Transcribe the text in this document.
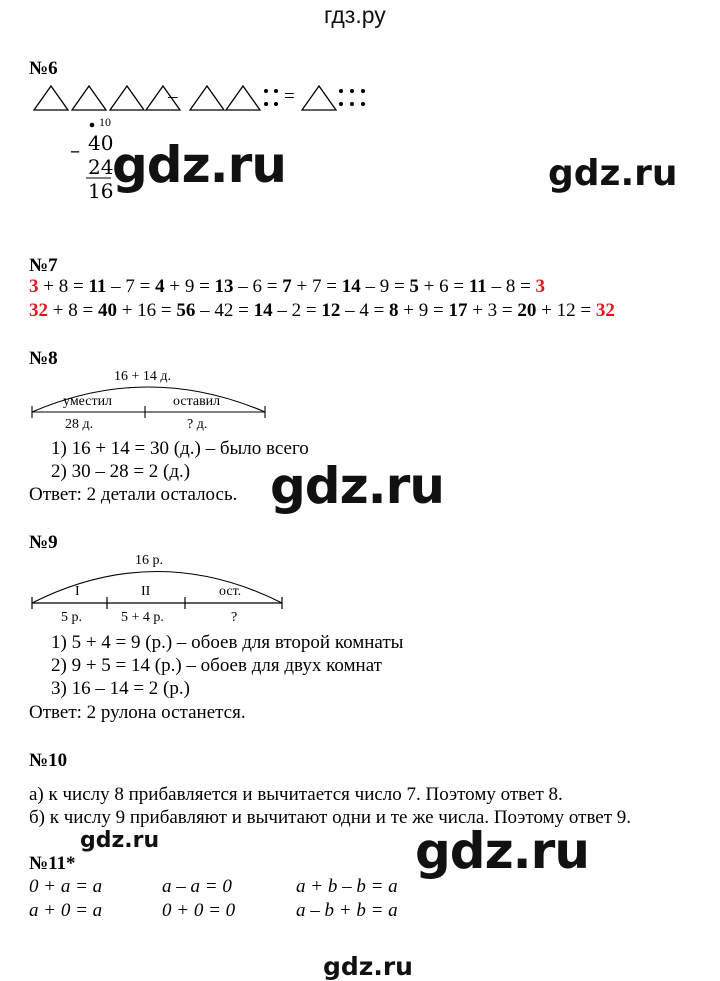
гдз.ру
№6
–	=
10
– 40
24
16
gdz.ru	gdz.ru
№7
3 + 8 = 11 – 7 = 4 + 9 = 13 – 6 = 7 + 7 = 14 – 9 = 5 + 6 = 11 – 8 = 3
32 + 8 = 40 + 16 = 56 – 42 = 14 – 2 = 12 – 4 = 8 + 9 = 17 + 3 = 20 + 12 = 32
№8
16 + 14 д.
уместил	оставил
28 д.	? д.
1) 16 + 14 = 30 (д.) – было всего
2) 30 – 28 = 2 (д.)
Ответ: 2 детали осталось. gdz.ru
№9
16 р.
I	II	ост.
5 р.	5 + 4 р.	?
1) 5 + 4 = 9 (р.) – обоев для второй комнаты
2) 9 + 5 = 14 (р.) – обоев для двух комнат
3) 16 – 14 = 2 (р.)
Ответ: 2 рулона останется.
№10
а) к числу 8 прибавляется и вычитается число 7. Поэтому ответ 8.
б) к числу 9 прибавляют и вычитают одни и те же числа. Поэтому ответ 9.
gdz.ru	gdz.ru
№11*
0 + a = a	a – a = 0	a + b – b = a
a + 0 = a	0 + 0 = 0	a – b + b = a
gdz.ru
